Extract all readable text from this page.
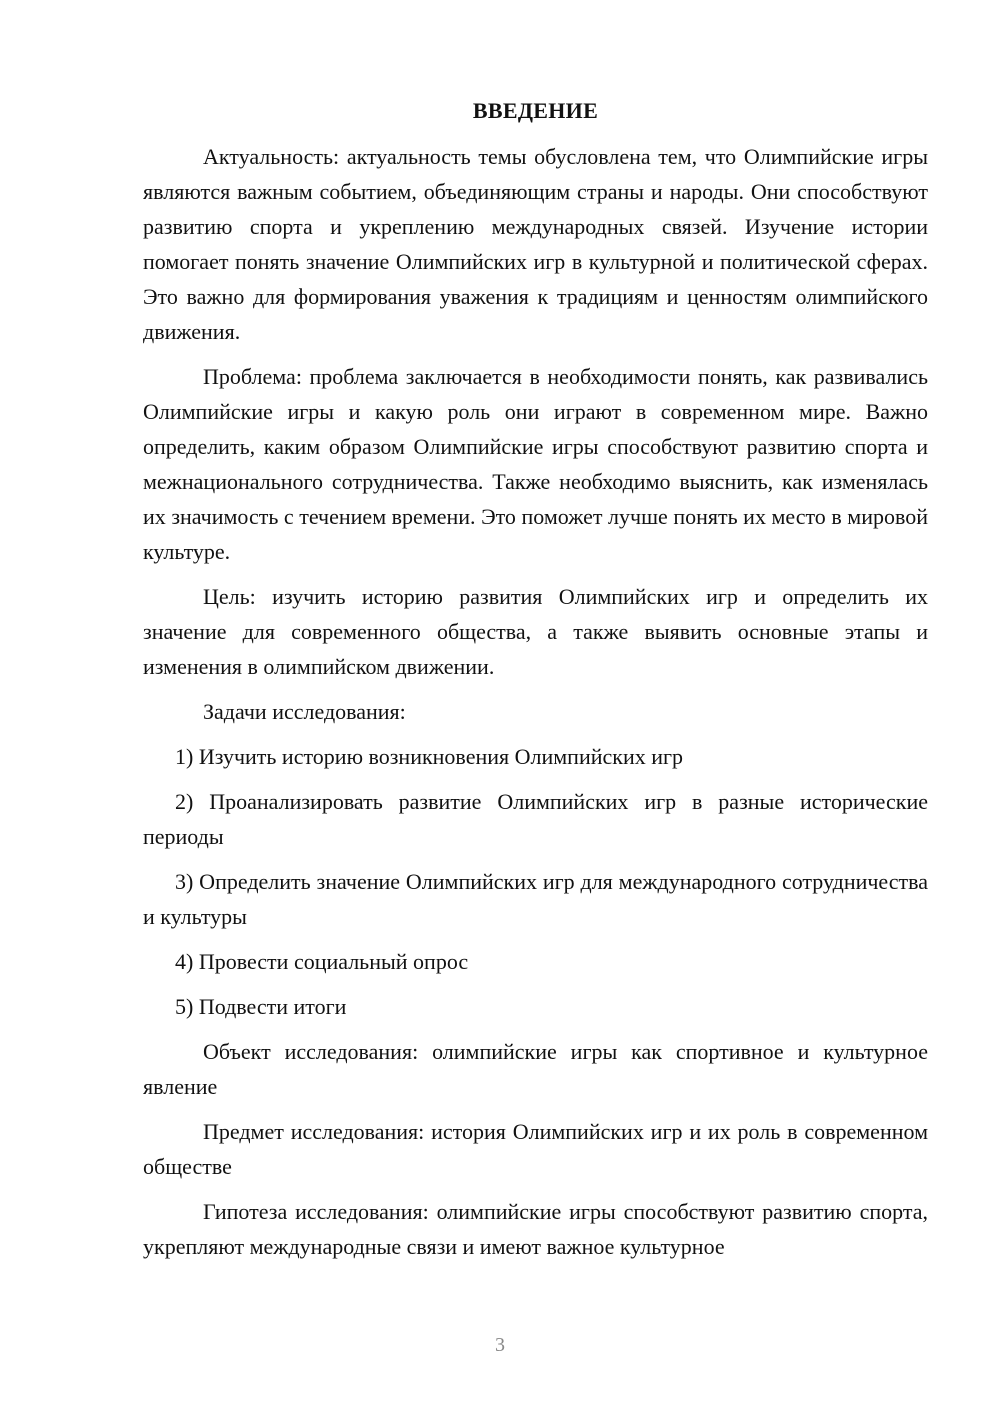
ВВЕДЕНИЕ

Актуальность: актуальность темы обусловлена тем, что Олимпийские игры являются важным событием, объединяющим страны и народы. Они способствуют развитию спорта и укреплению международных связей. Изучение истории помогает понять значение Олимпийских игр в культурной и политической сферах. Это важно для формирования уважения к традициям и ценностям олимпийского движения.

Проблема: проблема заключается в необходимости понять, как развивались Олимпийские игры и какую роль они играют в современном мире. Важно определить, каким образом Олимпийские игры способствуют развитию спорта и межнационального сотрудничества. Также необходимо выяснить, как изменялась их значимость с течением времени. Это поможет лучше понять их место в мировой культуре.

Цель: изучить историю развития Олимпийских игр и определить их значение для современного общества, а также выявить основные этапы и изменения в олимпийском движении.

Задачи исследования:

1) Изучить историю возникновения Олимпийских игр

2) Проанализировать развитие Олимпийских игр в разные исторические периоды

3) Определить значение Олимпийских игр для международного сотрудничества и культуры

4) Провести социальный опрос

5) Подвести итоги

Объект исследования: олимпийские игры как спортивное и культурное явление

Предмет исследования: история Олимпийских игр и их роль в современном обществе

Гипотеза исследования: олимпийские игры способствуют развитию спорта, укрепляют международные связи и имеют важное культурное

3
